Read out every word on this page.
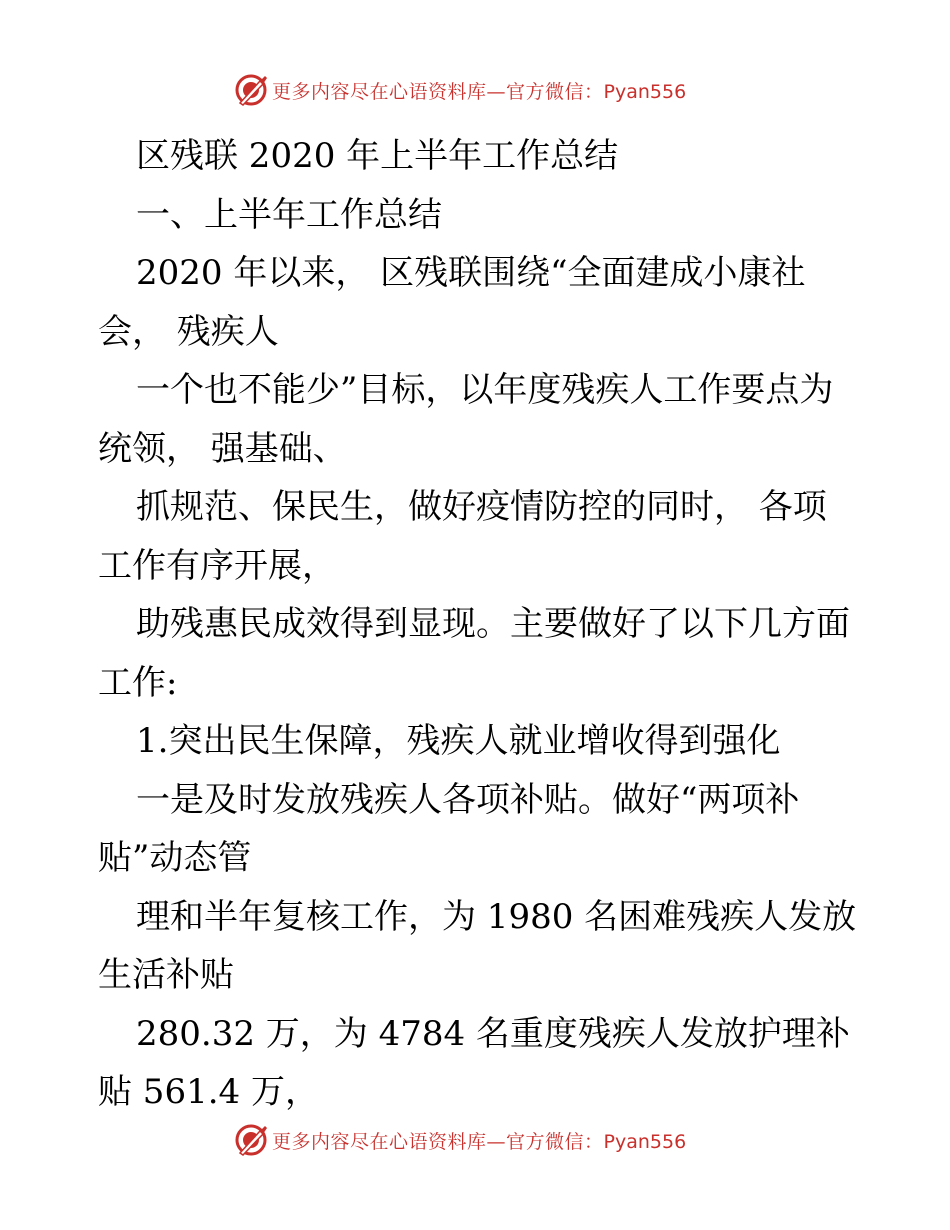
更多内容尽在心语资料库—官方微信：Pyan556
区残联 2020 年上半年工作总结
一、上半年工作总结
2020 年以来， 区残联围绕“全面建成小康社
会， 残疾人
一个也不能少”目标，以年度残疾人工作要点为
统领， 强基础、
抓规范、保民生，做好疫情防控的同时， 各项
工作有序开展，
助残惠民成效得到显现。主要做好了以下几方面
工作:
1.突出民生保障，残疾人就业增收得到强化
一是及时发放残疾人各项补贴。做好“两项补
贴”动态管
理和半年复核工作，为 1980 名困难残疾人发放
生活补贴
280.32 万，为 4784 名重度残疾人发放护理补
贴 561.4 万，
更多内容尽在心语资料库—官方微信：Pyan556
